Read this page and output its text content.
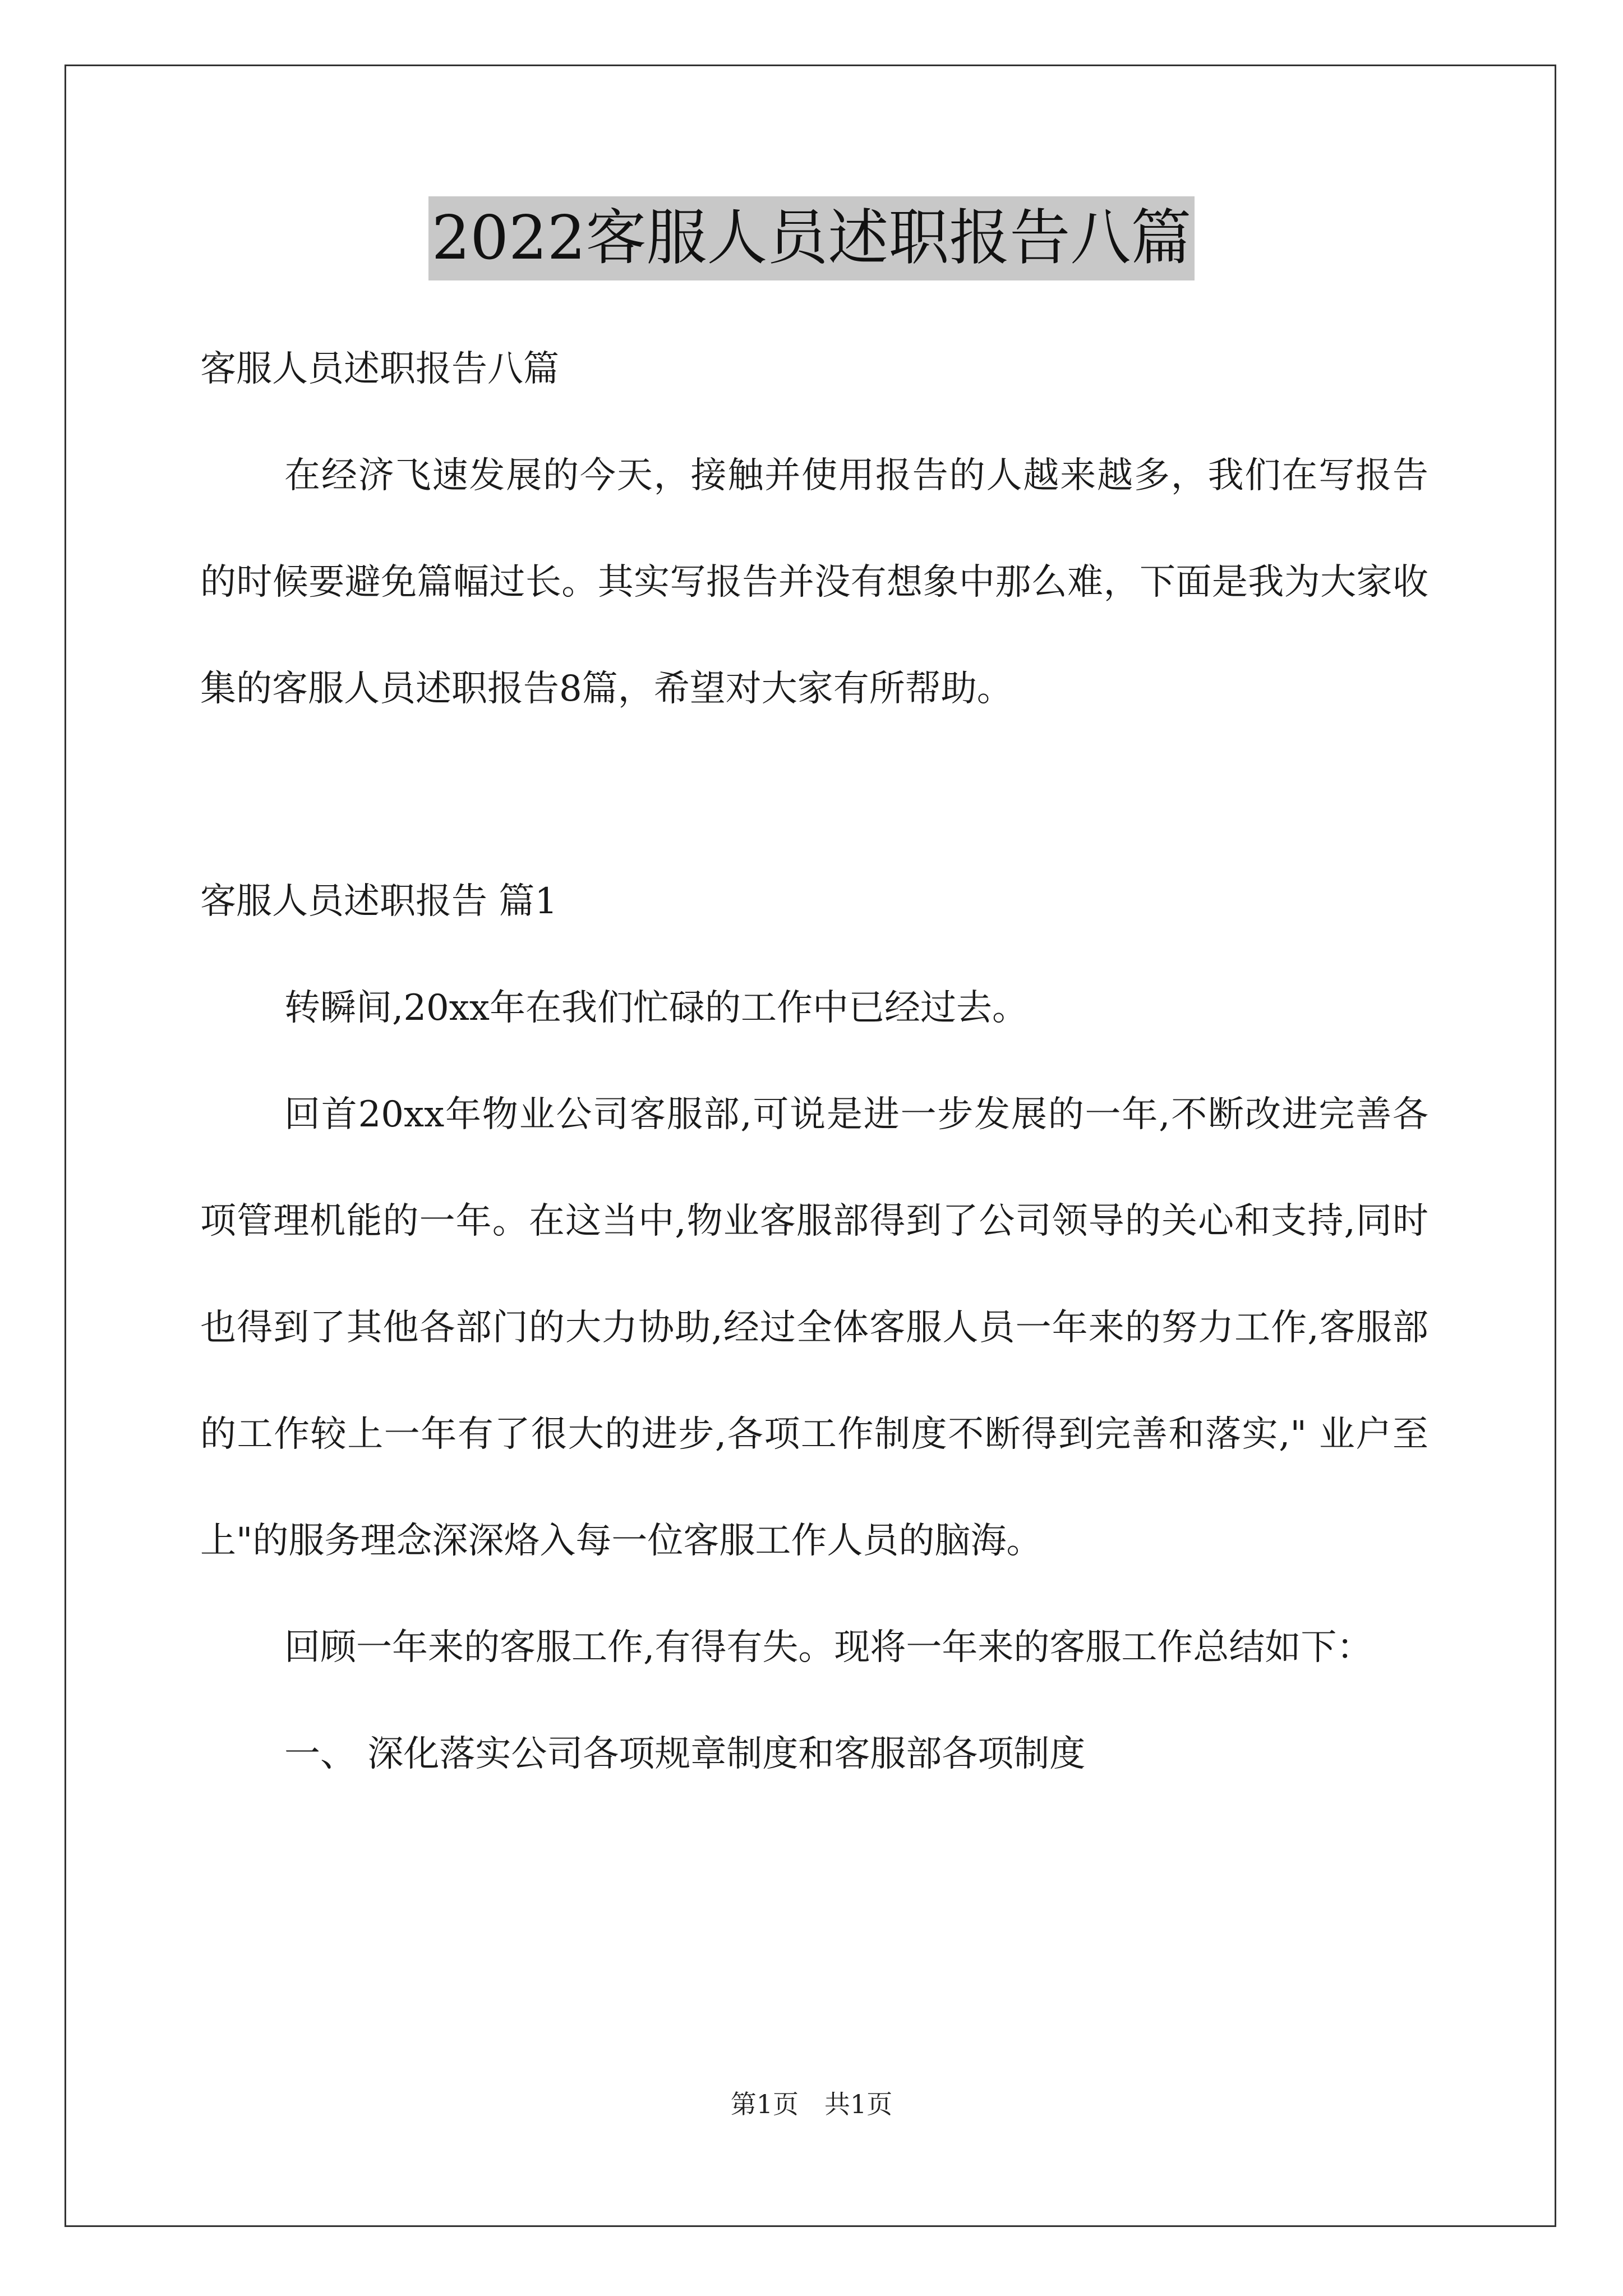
2022客服人员述职报告八篇

客服人员述职报告八篇

在经济飞速发展的今天，接触并使用报告的人越来越多，我们在写报告的时候要避免篇幅过长。其实写报告并没有想象中那么难，下面是我为大家收集的客服人员述职报告8篇，希望对大家有所帮助。

客服人员述职报告 篇1

转瞬间,20xx年在我们忙碌的工作中已经过去。

回首20xx年物业公司客服部,可说是进一步发展的一年,不断改进完善各项管理机能的一年。在这当中,物业客服部得到了公司领导的关心和支持,同时也得到了其他各部门的大力协助,经过全体客服人员一年来的努力工作,客服部的工作较上一年有了很大的进步,各项工作制度不断得到完善和落实," 业户至上"的服务理念深深烙入每一位客服工作人员的脑海。

回顾一年来的客服工作,有得有失。现将一年来的客服工作总结如下：

一、 深化落实公司各项规章制度和客服部各项制度

第1页　共1页
